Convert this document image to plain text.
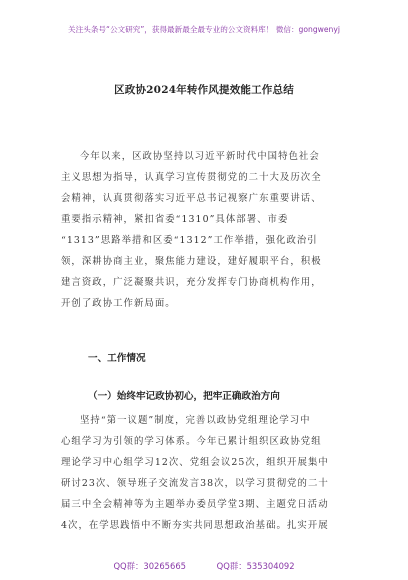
关注头条号“公文研究”，获得最新最全最专业的公文资料库！ 微信：gongwenyj
区政协2024年转作风提效能工作总结
今年以来，区政协坚持以习近平新时代中国特色社会
主义思想为指导，认真学习宣传贯彻党的二十大及历次全
会精神，认真贯彻落实习近平总书记视察广东重要讲话、
重要指示精神，紧扣省委“1310”具体部署、市委
“1313”思路举措和区委“1312”工作举措，强化政治引
领，深耕协商主业，聚焦能力建设，建好履职平台，积极
建言资政，广泛凝聚共识，充分发挥专门协商机构作用，
开创了政协工作新局面。
一、工作情况
（一）始终牢记政协初心，把牢正确政治方向
坚持“第一议题”制度，完善以政协党组理论学习中
心组学习为引领的学习体系。今年已累计组织区政协党组
理论学习中心组学习12次、党组会议25次，组织开展集中
研讨23次、领导班子交流发言38次，以学习贯彻党的二十
届三中全会精神等为主题举办委员学堂3期、主题党日活动
4次，在学思践悟中不断夯实共同思想政治基础。扎实开展
QQ群：30265665	QQ群：535304092
